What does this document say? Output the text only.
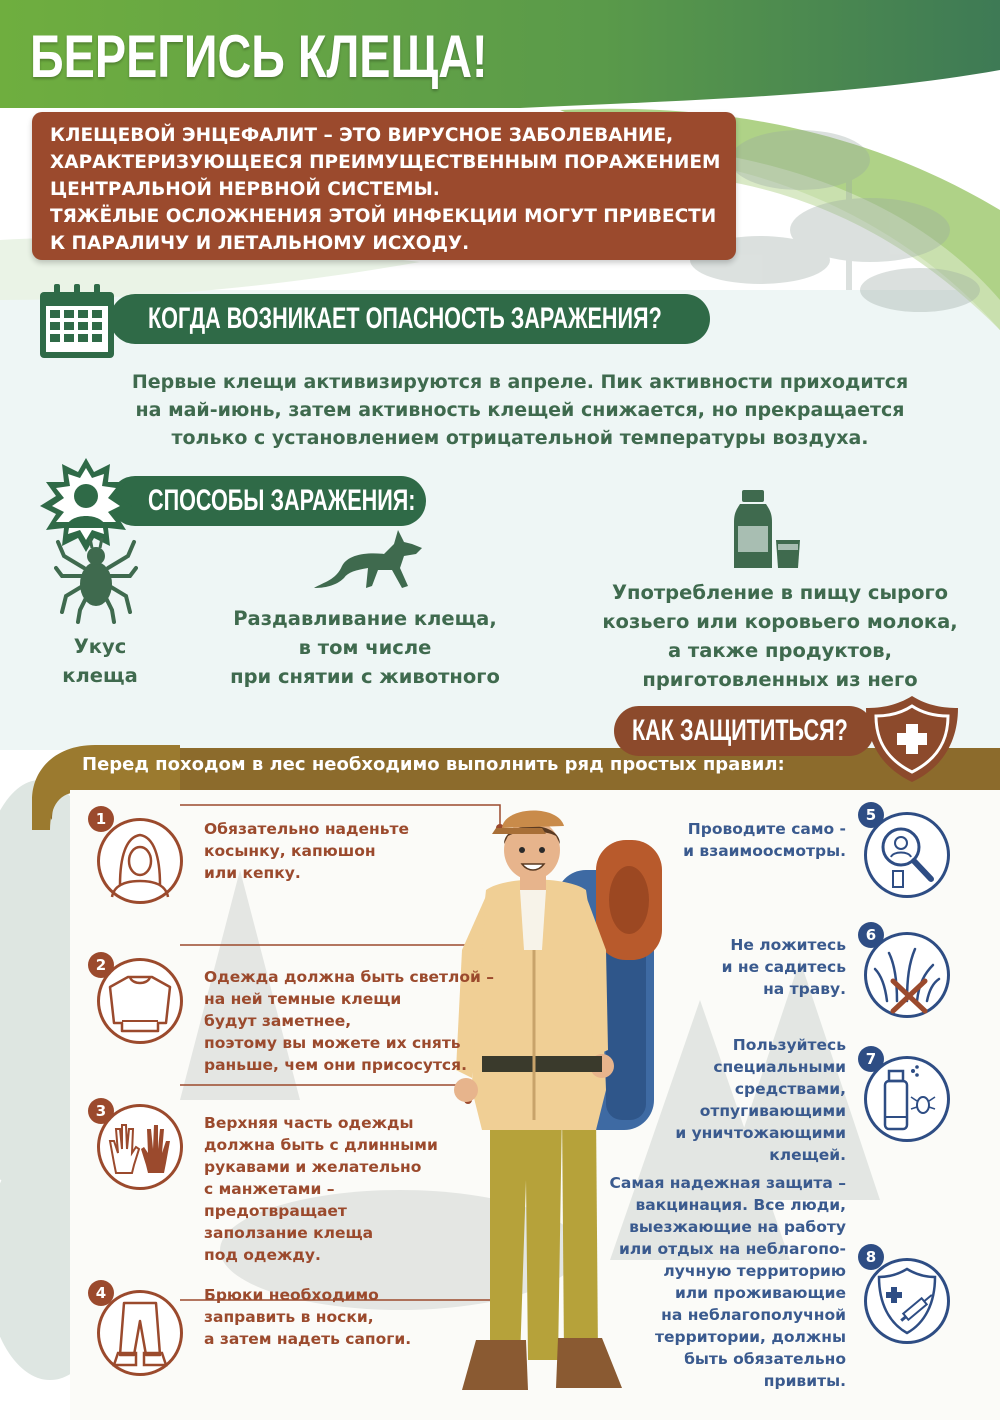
БЕРЕГИСЬ КЛЕЩА!

КЛЕЩЕВОЙ ЭНЦЕФАЛИТ – ЭТО ВИРУСНОЕ ЗАБОЛЕВАНИЕ,

ХАРАКТЕРИЗУЮЩЕЕСЯ ПРЕИМУЩЕСТВЕННЫМ ПОРАЖЕНИЕМ

ЦЕНТРАЛЬНОЙ НЕРВНОЙ СИСТЕМЫ.

ТЯЖЁЛЫЕ ОСЛОЖНЕНИЯ ЭТОЙ ИНФЕКЦИИ МОГУТ ПРИВЕСТИ

К ПАРАЛИЧУ И ЛЕТАЛЬНОМУ ИСХОДУ.

КОГДА ВОЗНИКАЕТ ОПАСНОСТЬ ЗАРАЖЕНИЯ?
Первые клещи активизируются в апреле. Пик активности приходится
на май-июнь, затем активность клещей снижается, но прекращается
только с установлением отрицательной температуры воздуха.
СПОСОБЫ ЗАРАЖЕНИЯ:
Укус
клеща
Раздавливание клеща,
в том числе
при снятии с животного
Употребление в пищу сырого
козьего или коровьего молока,
а также продуктов,
приготовленных из него
КАК ЗАЩИТИТЬСЯ?
Перед походом в лес необходимо выполнить ряд простых правил:
1
Обязательно наденьте
косынку, капюшон
или кепку.
2
Одежда должна быть светлой –
на ней темные клещи
будут заметнее,
поэтому вы можете их снять
раньше, чем они присосутся.
3
Верхняя часть одежды
должна быть с длинными
рукавами и желательно
с манжетами –
предотвращает
заползание клеща
под одежду.
4	Брюки необходимо
заправить в носки,
а затем надеть сапоги.
5
Проводите само -
и взаимоосмотры.
6
Не ложитесь
и не садитесь
на траву.
7
Пользуйтесь
специальными
средствами,
отпугивающими
и уничтожающими
клещей.
8
Самая надежная защита –
вакцинация. Все люди,
выезжающие на работу
или отдых на неблагопо-
лучную территорию
или проживающие
на неблагополучной
территории, должны
быть обязательно
привиты.
